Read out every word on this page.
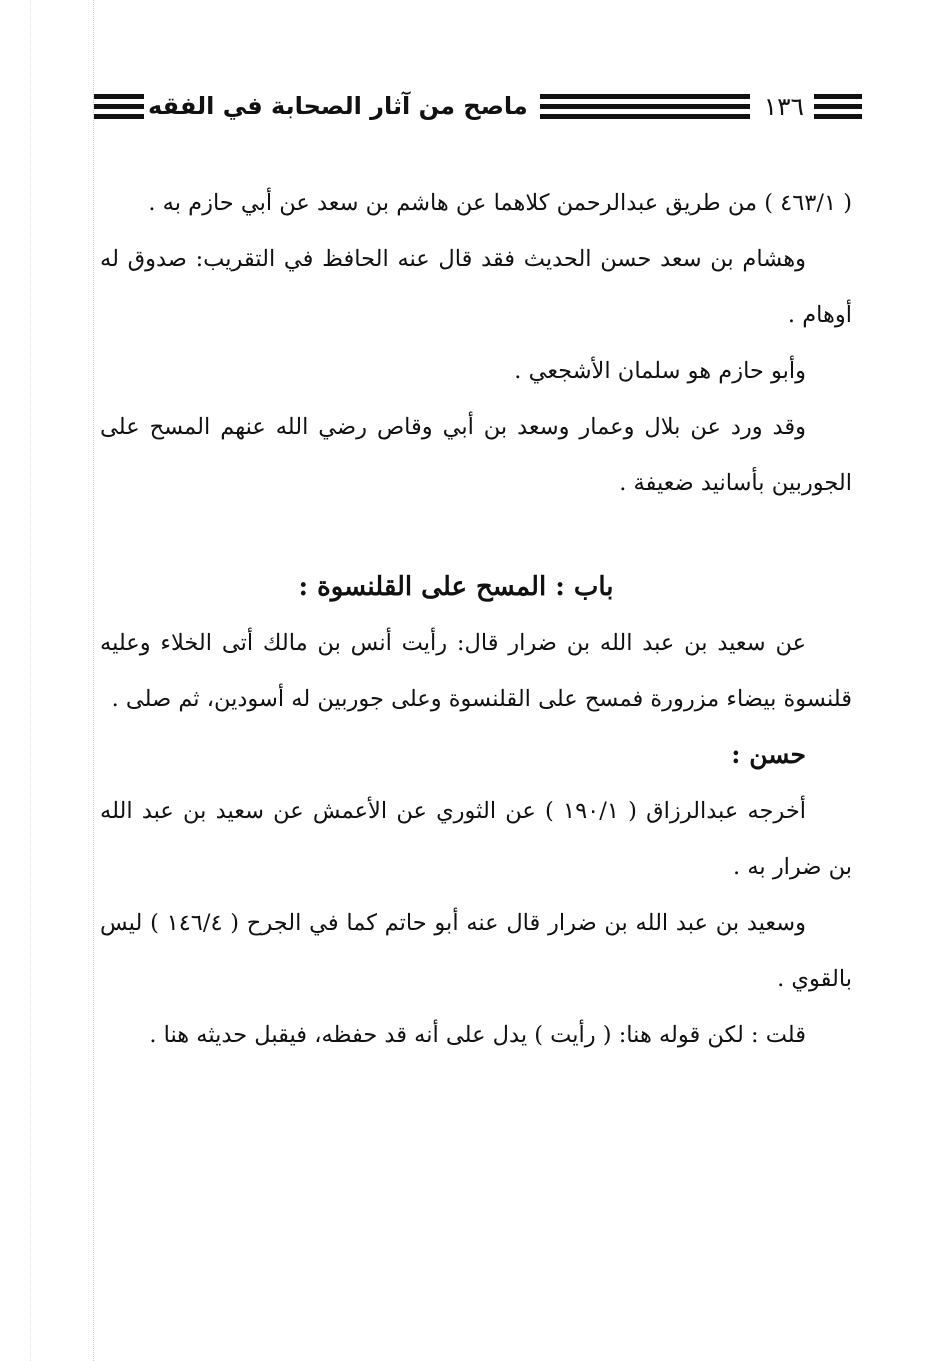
١٣٦
ماصح من آثار الصحابة في الفقه

( ٤٦٣/١ ) من طريق عبدالرحمن كلاهما عن هاشم بن سعد عن أبي حازم به .

وهشام بن سعد حسن الحديث فقد قال عنه الحافظ في التقريب: صدوق له أوهام .

وأبو حازم هو سلمان الأشجعي .

وقد ورد عن بلال وعمار وسعد بن أبي وقاص رضي الله عنهم المسح على الجوربين بأسانيد ضعيفة .

باب : المسح على القلنسوة :

عن سعيد بن عبد الله بن ضرار قال: رأيت أنس بن مالك أتى الخلاء وعليه قلنسوة بيضاء مزرورة فمسح على القلنسوة وعلى جوربين له أسودين، ثم صلى .

حسن :

أخرجه عبدالرزاق ( ١٩٠/١ ) عن الثوري عن الأعمش عن سعيد بن عبد الله بن ضرار به .

وسعيد بن عبد الله بن ضرار قال عنه أبو حاتم كما في الجرح ( ١٤٦/٤ ) ليس بالقوي .

قلت : لكن قوله هنا: ( رأيت ) يدل على أنه قد حفظه، فيقبل حديثه هنا .
